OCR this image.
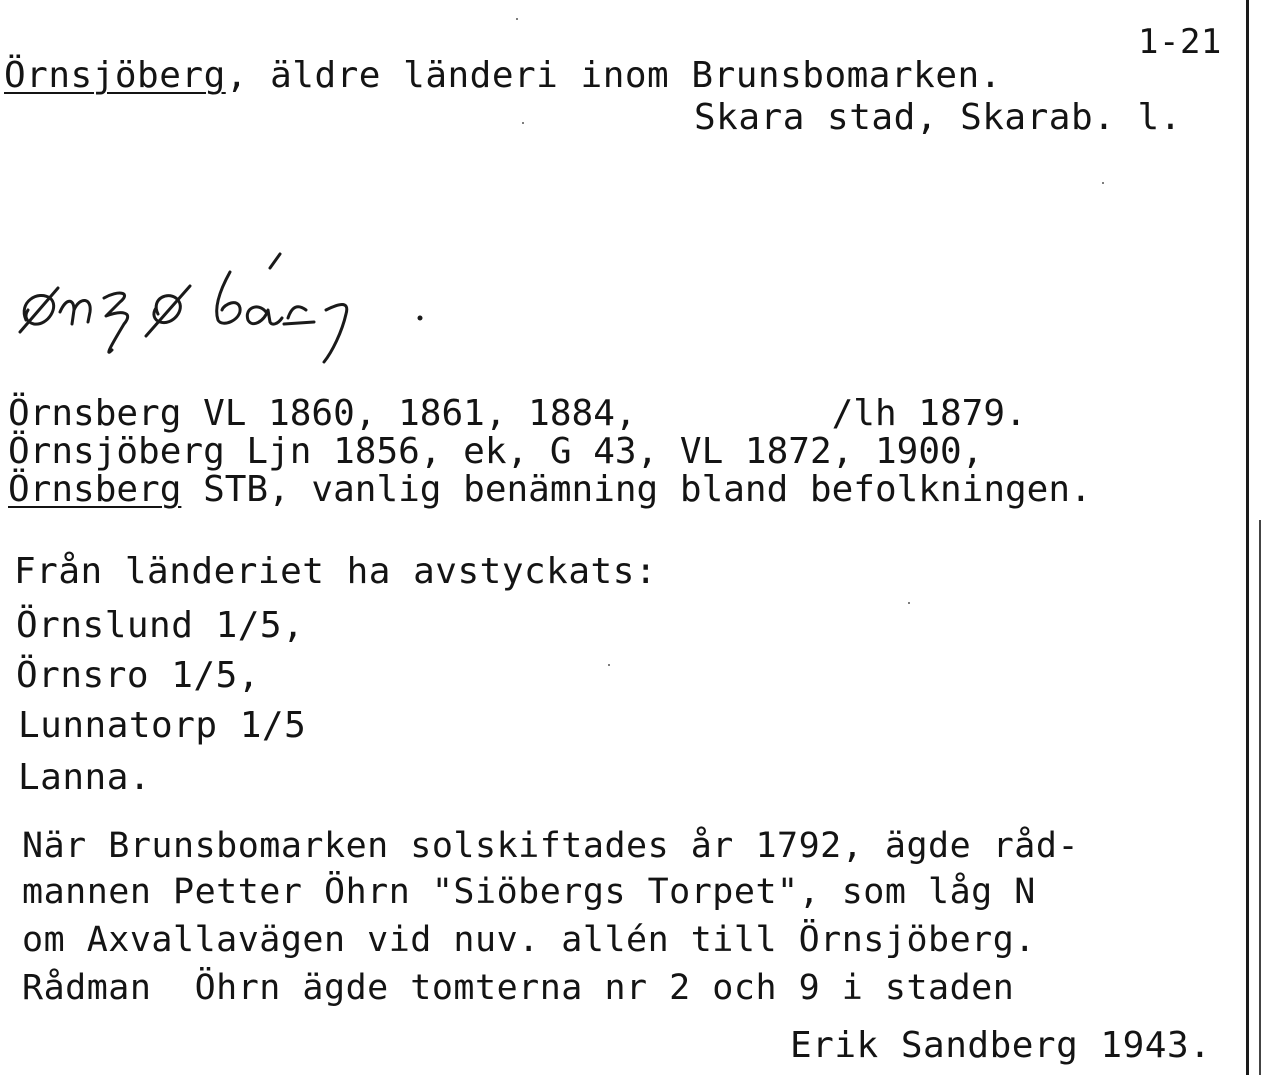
1-21
Örnsjöberg, äldre länderi inom Brunsbomarken.
Skara stad, Skarab. l.
Örnsberg VL 1860, 1861, 1884,         /lh 1879.
Örnsjöberg Ljn 1856, ek, G 43, VL 1872, 1900,
Örnsberg STB, vanlig benämning bland befolkningen.
Från länderiet ha avstyckats:
Örnslund 1/5,
Örnsro 1/5,
Lunnatorp 1/5
Lanna.
När Brunsbomarken solskiftades år 1792, ägde råd-
mannen Petter Öhrn "Siöbergs Torpet", som låg N
om Axvallavägen vid nuv. allén till Örnsjöberg.
Rådman  Öhrn ägde tomterna nr 2 och 9 i staden
Erik Sandberg 1943.
